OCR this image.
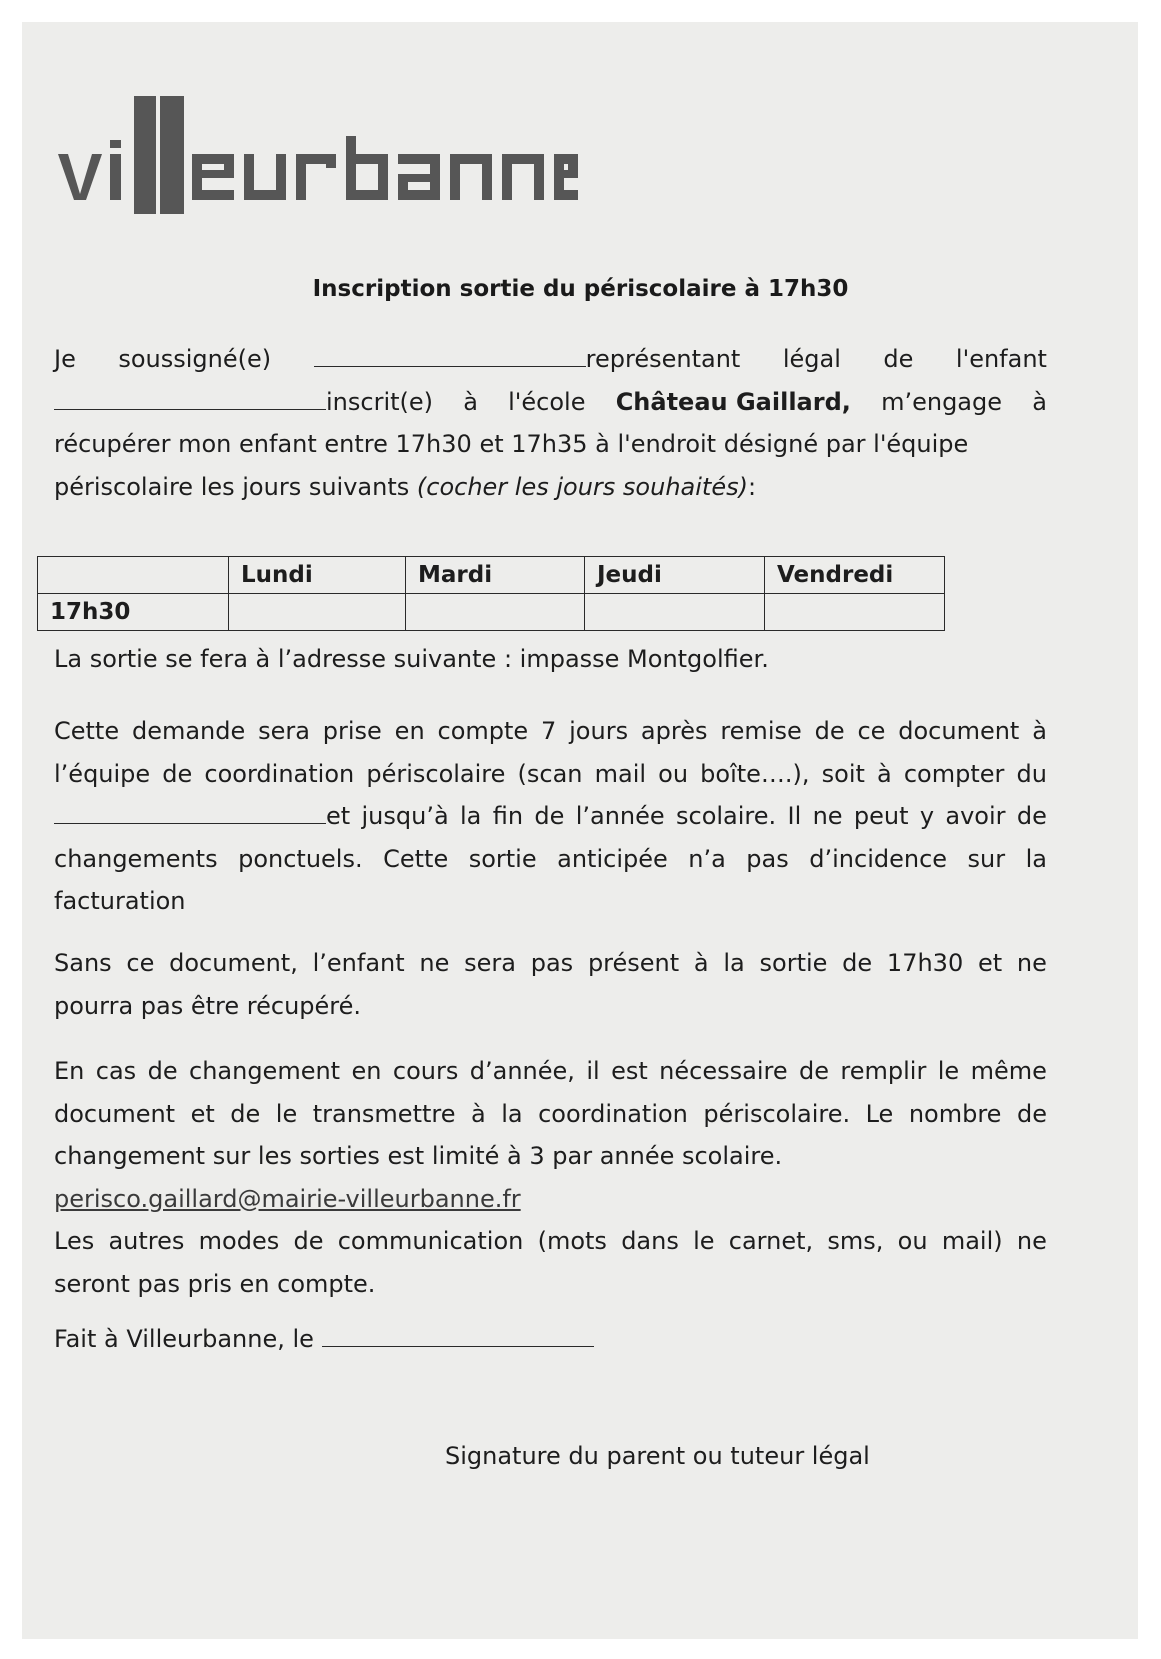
Inscription sortie du périscolaire à 17h30
Je soussigné(e)	représentant légal de l'enfant
inscrit(e) à l'école Château Gaillard, m’engage à
récupérer mon enfant entre 17h30 et 17h35 à l'endroit désigné par l'équipe
périscolaire les jours suivants
(cocher les jours souhaités) :
	Lundi	Mardi	Jeudi	Vendredi
17h30				
La sortie se fera à l’adresse suivante : impasse Montgolfier.
Cette demande sera prise en compte 7 jours après remise de ce document à
l’équipe de coordination périscolaire (scan mail ou boîte….), soit à compter du
et jusqu’à la fin de l’année scolaire. Il ne peut y avoir de
changements ponctuels. Cette sortie anticipée n’a pas d’incidence sur la
facturation
Sans ce document, l’enfant ne sera pas présent à la sortie de 17h30 et ne
pourra pas être récupéré.
En cas de changement en cours d’année, il est nécessaire de remplir le même
document et de le transmettre à la coordination périscolaire. Le nombre de
changement sur les sorties est limité à 3 par année scolaire.
perisco.gaillard@mairie-villeurbanne.fr
Les autres modes de communication (mots dans le carnet, sms, ou mail) ne
seront pas pris en compte.
Fait à Villeurbanne, le

Signature du parent ou tuteur légal
